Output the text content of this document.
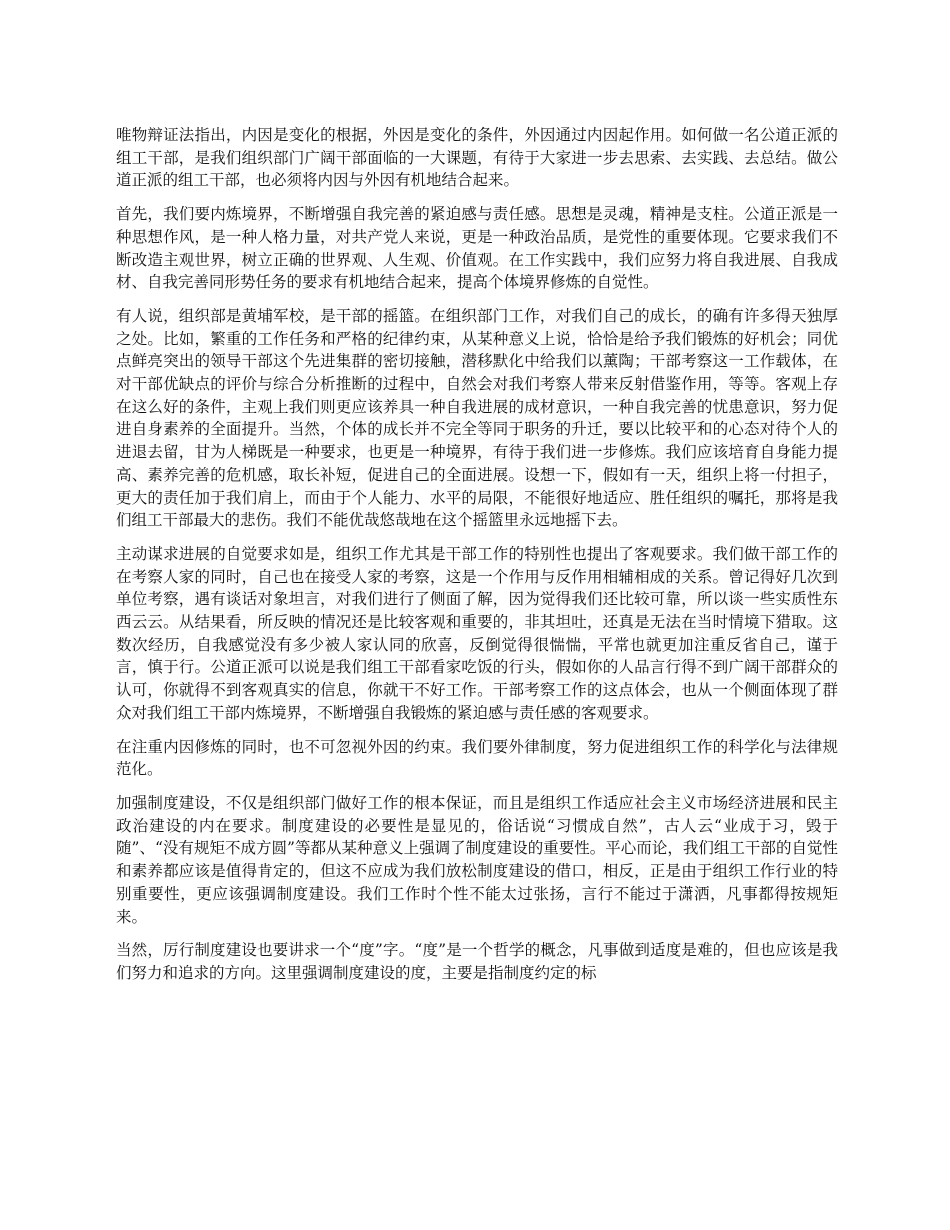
唯物辩证法指出，内因是变化的根据，外因是变化的条件，外因通过内因起作用。如何做一名公道正派的组工干部，是我们组织部门广阔干部面临的一大课题，有待于大家进一步去思索、去实践、去总结。做公道正派的组工干部，也必须将内因与外因有机地结合起来。

首先，我们要内炼境界，不断增强自我完善的紧迫感与责任感。思想是灵魂，精神是支柱。公道正派是一种思想作风，是一种人格力量，对共产党人来说，更是一种政治品质，是党性的重要体现。它要求我们不断改造主观世界，树立正确的世界观、人生观、价值观。在工作实践中，我们应努力将自我进展、自我成材、自我完善同形势任务的要求有机地结合起来，提高个体境界修炼的自觉性。

有人说，组织部是黄埔军校，是干部的摇篮。在组织部门工作，对我们自己的成长，的确有许多得天独厚之处。比如，繁重的工作任务和严格的纪律约束，从某种意义上说，恰恰是给予我们锻炼的好机会；同优点鲜亮突出的领导干部这个先进集群的密切接触，潜移默化中给我们以薰陶；干部考察这一工作载体，在对干部优缺点的评价与综合分析推断的过程中，自然会对我们考察人带来反射借鉴作用，等等。客观上存在这么好的条件，主观上我们则更应该养具一种自我进展的成材意识，一种自我完善的忧患意识，努力促进自身素养的全面提升。当然，个体的成长并不完全等同于职务的升迁，要以比较平和的心态对待个人的进退去留，甘为人梯既是一种要求，也更是一种境界，有待于我们进一步修炼。我们应该培育自身能力提高、素养完善的危机感，取长补短，促进自己的全面进展。设想一下，假如有一天，组织上将一付担子，更大的责任加于我们肩上，而由于个人能力、水平的局限，不能很好地适应、胜任组织的嘱托，那将是我们组工干部最大的悲伤。我们不能优哉悠哉地在这个摇篮里永远地摇下去。

主动谋求进展的自觉要求如是，组织工作尤其是干部工作的特别性也提出了客观要求。我们做干部工作的在考察人家的同时，自己也在接受人家的考察，这是一个作用与反作用相辅相成的关系。曾记得好几次到单位考察，遇有谈话对象坦言，对我们进行了侧面了解，因为觉得我们还比较可靠，所以谈一些实质性东西云云。从结果看，所反映的情况还是比较客观和重要的，非其坦吐，还真是无法在当时情境下猎取。这数次经历，自我感觉没有多少被人家认同的欣喜，反倒觉得很惴惴，平常也就更加注重反省自己，谨于言，慎于行。公道正派可以说是我们组工干部看家吃饭的行头，假如你的人品言行得不到广阔干部群众的认可，你就得不到客观真实的信息，你就干不好工作。干部考察工作的这点体会，也从一个侧面体现了群众对我们组工干部内炼境界，不断增强自我锻炼的紧迫感与责任感的客观要求。

在注重内因修炼的同时，也不可忽视外因的约束。我们要外律制度，努力促进组织工作的科学化与法律规范化。

加强制度建设，不仅是组织部门做好工作的根本保证，而且是组织工作适应社会主义市场经济进展和民主政治建设的内在要求。制度建设的必要性是显见的，俗话说“习惯成自然”，古人云“业成于习，毁于随”、“没有规矩不成方圆”等都从某种意义上强调了制度建设的重要性。平心而论，我们组工干部的自觉性和素养都应该是值得肯定的，但这不应成为我们放松制度建设的借口，相反，正是由于组织工作行业的特别重要性，更应该强调制度建设。我们工作时个性不能太过张扬，言行不能过于潇洒，凡事都得按规矩来。

当然，厉行制度建设也要讲求一个“度”字。“度”是一个哲学的概念，凡事做到适度是难的，但也应该是我们努力和追求的方向。这里强调制度建设的度，主要是指制度约定的标
